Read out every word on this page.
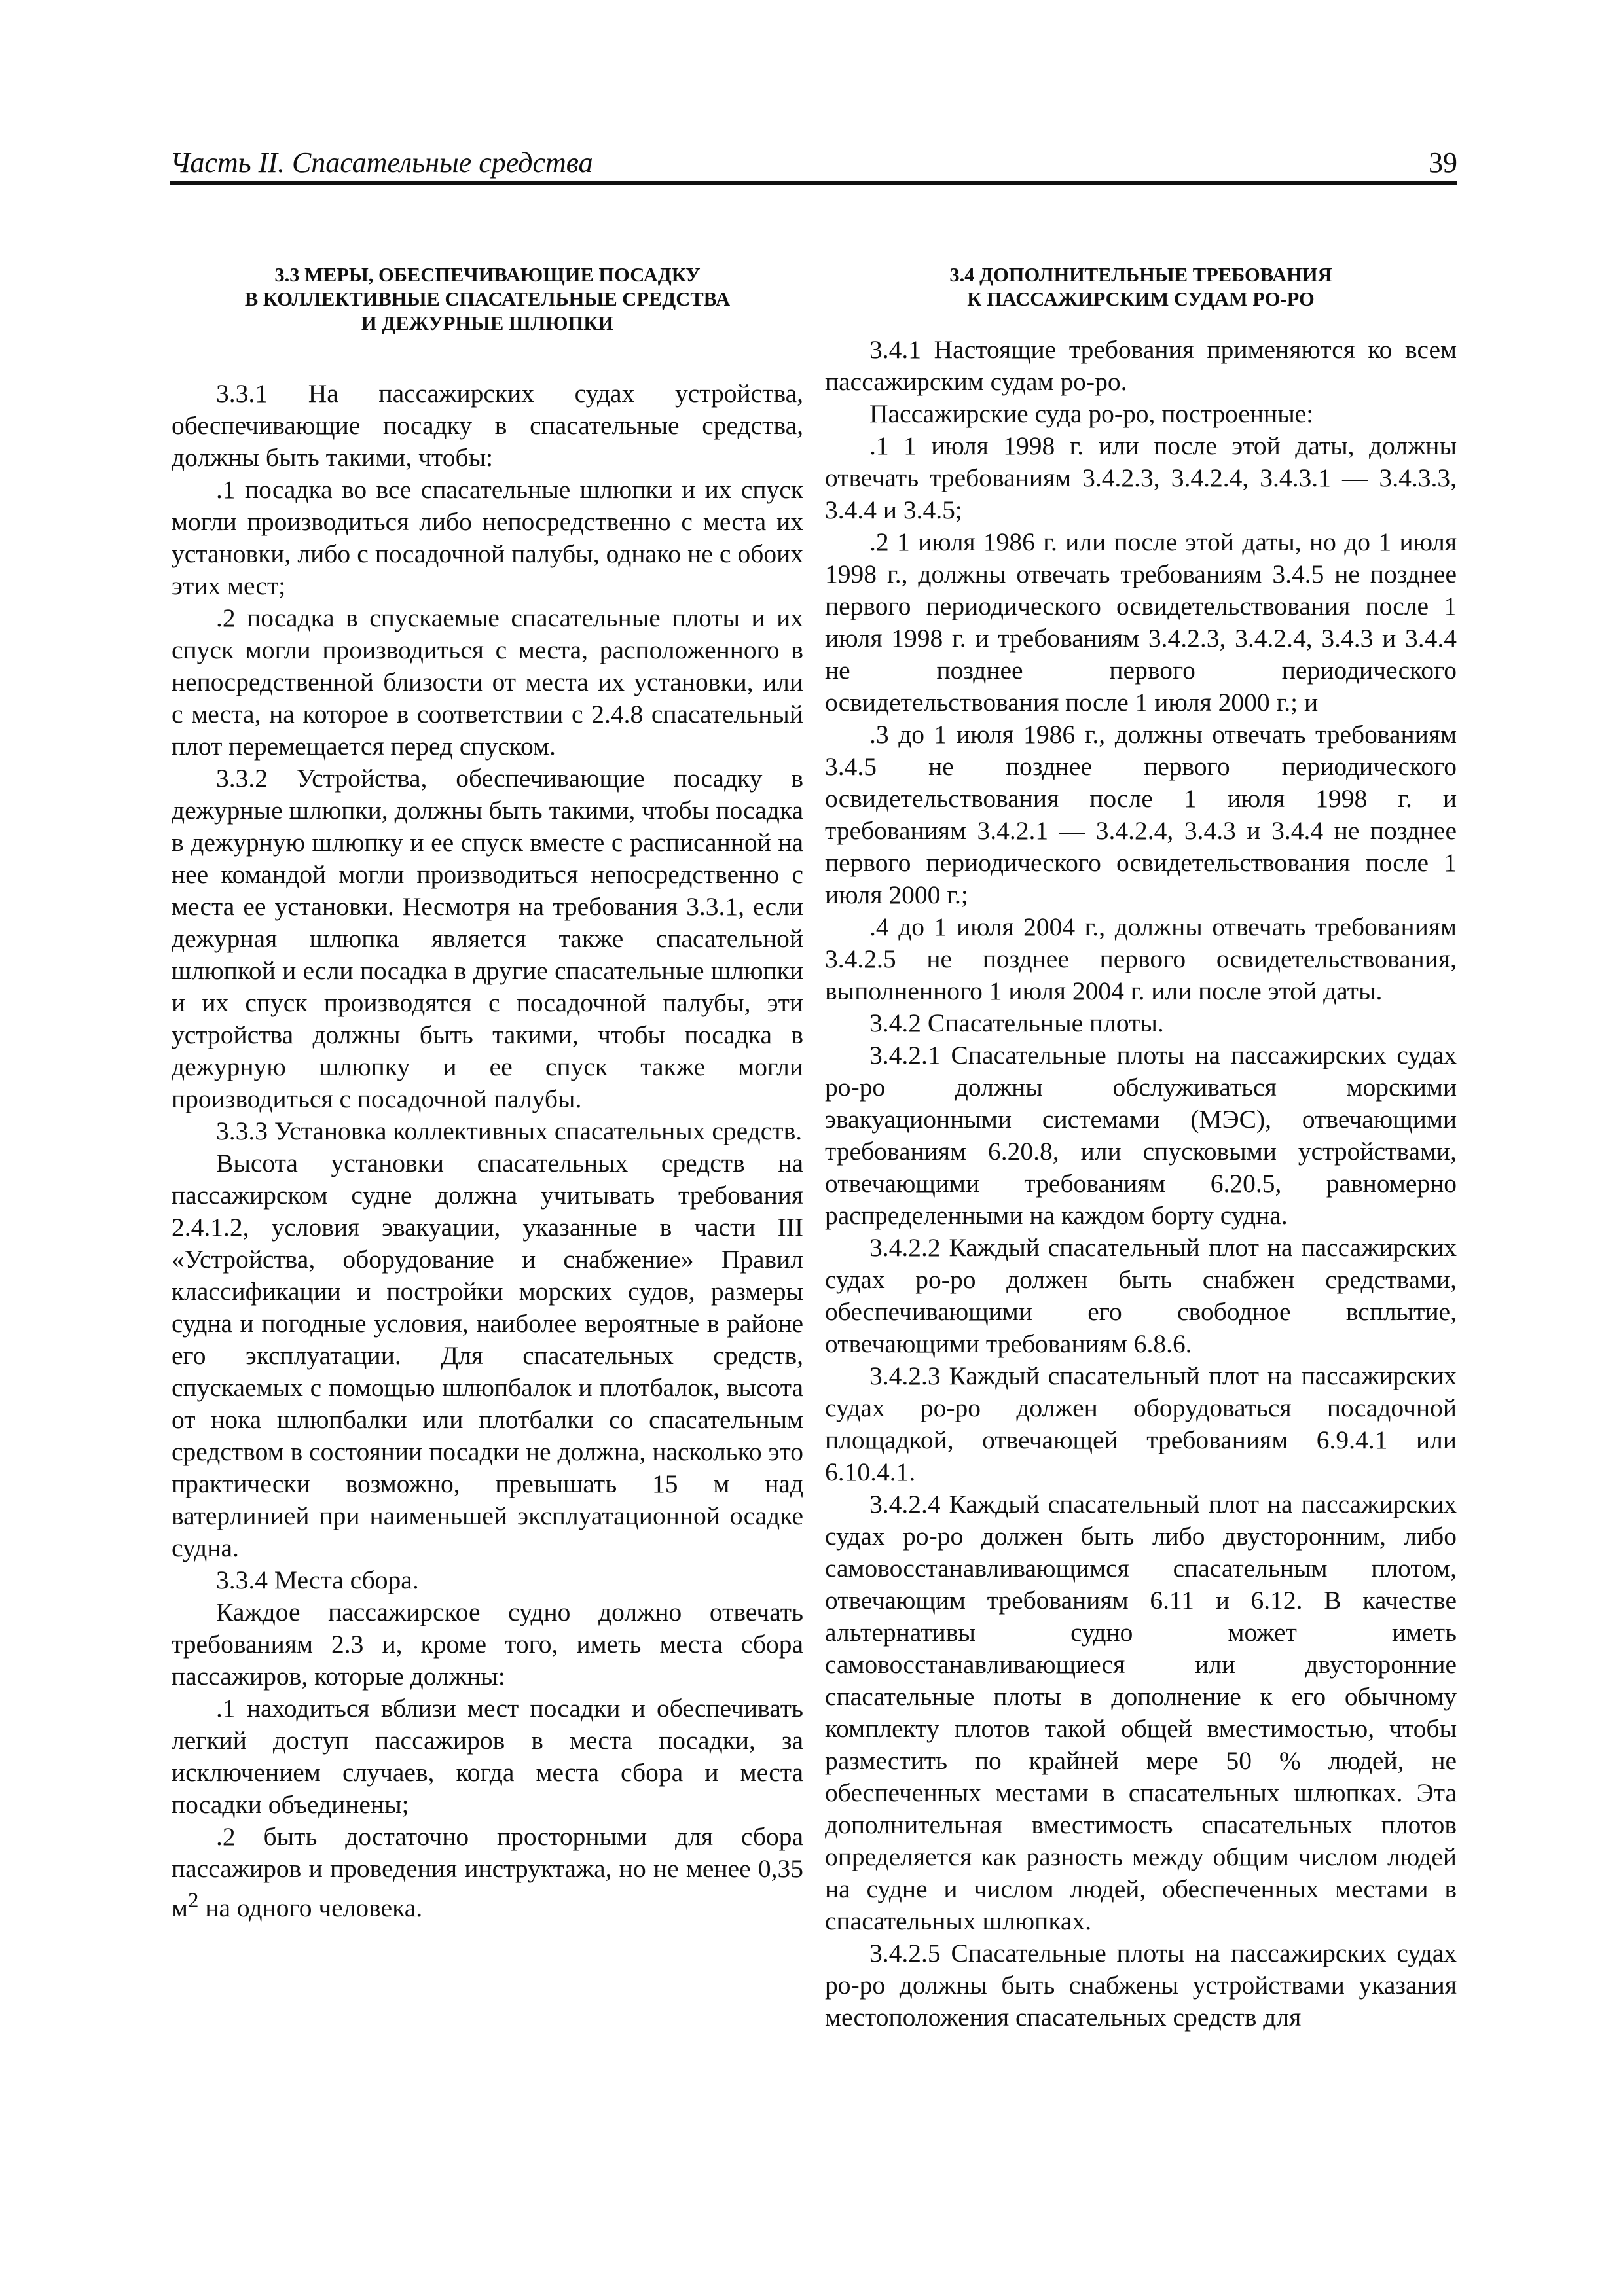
Часть II. Спасательные средства	39
3.3 МЕРЫ, ОБЕСПЕЧИВАЮЩИЕ ПОСАДКУ
В КОЛЛЕКТИВНЫЕ СПАСАТЕЛЬНЫЕ СРЕДСТВА
И ДЕЖУРНЫЕ ШЛЮПКИ

3.3.1 На пассажирских судах устройства, обеспечивающие посадку в спасательные средства, должны быть такими, чтобы:

.1 посадка во все спасательные шлюпки и их спуск могли производиться либо непосредственно с места их установки, либо с посадочной палубы, однако не с обоих этих мест;

.2 посадка в спускаемые спасательные плоты и их спуск могли производиться с места, расположенного в непосредственной близости от места их установки, или с места, на которое в соответствии с 2.4.8 спасательный плот перемещается перед спуском.

3.3.2 Устройства, обеспечивающие посадку в дежурные шлюпки, должны быть такими, чтобы посадка в дежурную шлюпку и ее спуск вместе с расписанной на нее командой могли производиться непосредственно с места ее установки. Несмотря на требования 3.3.1, если дежурная шлюпка является также спасательной шлюпкой и если посадка в другие спасательные шлюпки и их спуск производятся с посадочной палубы, эти устройства должны быть такими, чтобы посадка в дежурную шлюпку и ее спуск также могли производиться с посадочной палубы.

3.3.3 Установка коллективных спасательных средств.

Высота установки спасательных средств на пассажирском судне должна учитывать требования 2.4.1.2, условия эвакуации, указанные в части III «Устройства, оборудование и снабжение» Правил классификации и постройки морских судов, размеры судна и погодные условия, наиболее вероятные в районе его эксплуатации. Для спасательных средств, спускаемых с помощью шлюпбалок и плотбалок, высота от нока шлюпбалки или плотбалки со спасательным средством в состоянии посадки не должна, насколько это практически возможно, превышать 15 м над ватерлинией при наименьшей эксплуатационной осадке судна.

3.3.4 Места сбора.

Каждое пассажирское судно должно отвечать требованиям 2.3 и, кроме того, иметь места сбора пассажиров, которые должны:

.1 находиться вблизи мест посадки и обеспечивать легкий доступ пассажиров в места посадки, за исключением случаев, когда места сбора и места посадки объединены;

.2 быть достаточно просторными для сбора пассажиров и проведения инструктажа, но не менее 0,35 $м^2$ на одного человека.

3.4 ДОПОЛНИТЕЛЬНЫЕ ТРЕБОВАНИЯ
К ПАССАЖИРСКИМ СУДАМ РО-РО

3.4.1 Настоящие требования применяются ко всем пассажирским судам ро-ро.

Пассажирские суда ро-ро, построенные:

.1 1 июля 1998 г. или после этой даты, должны отвечать требованиям 3.4.2.3, 3.4.2.4, 3.4.3.1 — 3.4.3.3, 3.4.4 и 3.4.5;

.2 1 июля 1986 г. или после этой даты, но до 1 июля 1998 г., должны отвечать требованиям 3.4.5 не позднее первого периодического освидетельствования после 1 июля 1998 г. и требованиям 3.4.2.3, 3.4.2.4, 3.4.3 и 3.4.4 не позднее первого периодического освидетельствования после 1 июля 2000 г.; и

.3 до 1 июля 1986 г., должны отвечать требованиям 3.4.5 не позднее первого периодического освидетельствования после 1 июля 1998 г. и требованиям 3.4.2.1 — 3.4.2.4, 3.4.3 и 3.4.4 не позднее первого периодического освидетельствования после 1 июля 2000 г.;

.4 до 1 июля 2004 г., должны отвечать требованиям 3.4.2.5 не позднее первого освидетельствования, выполненного 1 июля 2004 г. или после этой даты.

3.4.2 Спасательные плоты.

3.4.2.1 Спасательные плоты на пассажирских судах ро-ро должны обслуживаться морскими эвакуационными системами (МЭС), отвечающими требованиям 6.20.8, или спусковыми устройствами, отвечающими требованиям 6.20.5, равномерно распределенными на каждом борту судна.

3.4.2.2 Каждый спасательный плот на пассажирских судах ро-ро должен быть снабжен средствами, обеспечивающими его свободное всплытие, отвечающими требованиям 6.8.6.

3.4.2.3 Каждый спасательный плот на пассажирских судах ро-ро должен оборудоваться посадочной площадкой, отвечающей требованиям 6.9.4.1 или 6.10.4.1.

3.4.2.4 Каждый спасательный плот на пассажирских судах ро-ро должен быть либо двусторонним, либо самовосстанавливающимся спасательным плотом, отвечающим требованиям 6.11 и 6.12. В качестве альтернативы судно может иметь самовосстанавливающиеся или двусторонние спасательные плоты в дополнение к его обычному комплекту плотов такой общей вместимостью, чтобы разместить по крайней мере 50 % людей, не обеспеченных местами в спасательных шлюпках. Эта дополнительная вместимость спасательных плотов определяется как разность между общим числом людей на судне и числом людей, обеспеченных местами в спасательных шлюпках.

3.4.2.5 Спасательные плоты на пассажирских судах ро-ро должны быть снабжены устройствами указания местоположения спасательных средств для
